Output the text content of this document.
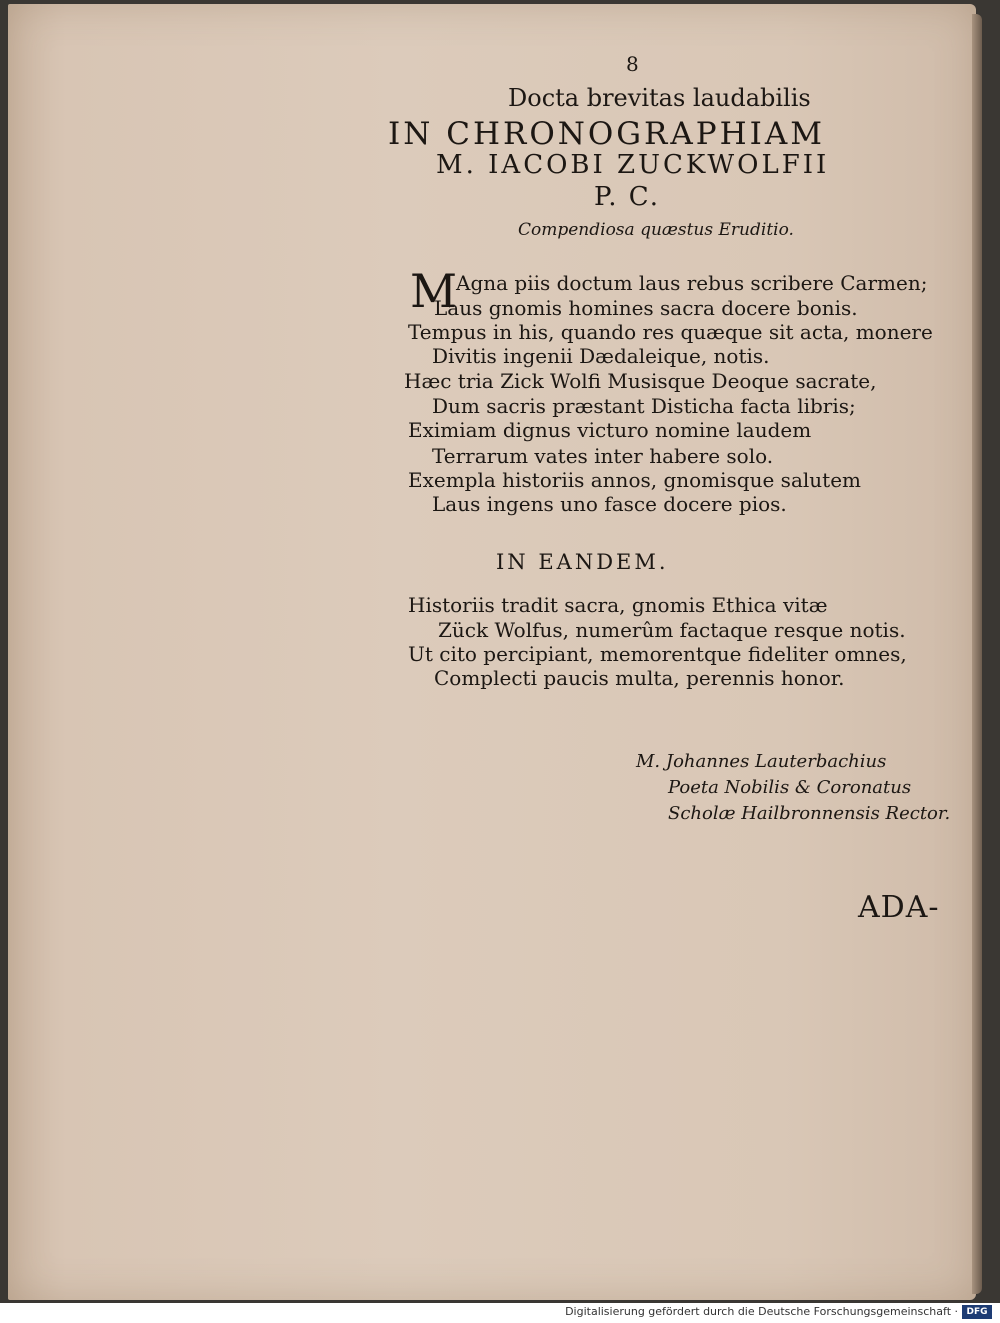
8
Docta brevitas laudabilis
IN CHRONOGRAPHIAM
M. IACOBI ZUCKWOLFII
P. C.
Compendiosa quæstus Eruditio.
M
Agna piis doctum laus rebus scribere Carmen;
Laus gnomis homines sacra docere bonis.
Tempus in his, quando res quæque sit acta, monere
Divitis ingenii Dædaleique, notis.
Hæc tria Zick Wolfi Musisque Deoque sacrate,
Dum sacris præstant Disticha facta libris;
Eximiam dignus victuro nomine laudem
Terrarum vates inter habere solo.
Exempla historiis annos, gnomisque salutem
Laus ingens uno fasce docere pios.
IN EANDEM.
Historiis tradit sacra, gnomis Ethica vitæ
Zück Wolfus, numerûm factaque resque notis.
Ut cito percipiant, memorentque fideliter omnes,
Complecti paucis multa, perennis honor.
M. Johannes Lauterbachius
Poeta Nobilis & Coronatus
Scholæ Hailbronnensis Rector.
ADA-
Digitalisierung gefördert durch die Deutsche Forschungsgemeinschaft · DFG
